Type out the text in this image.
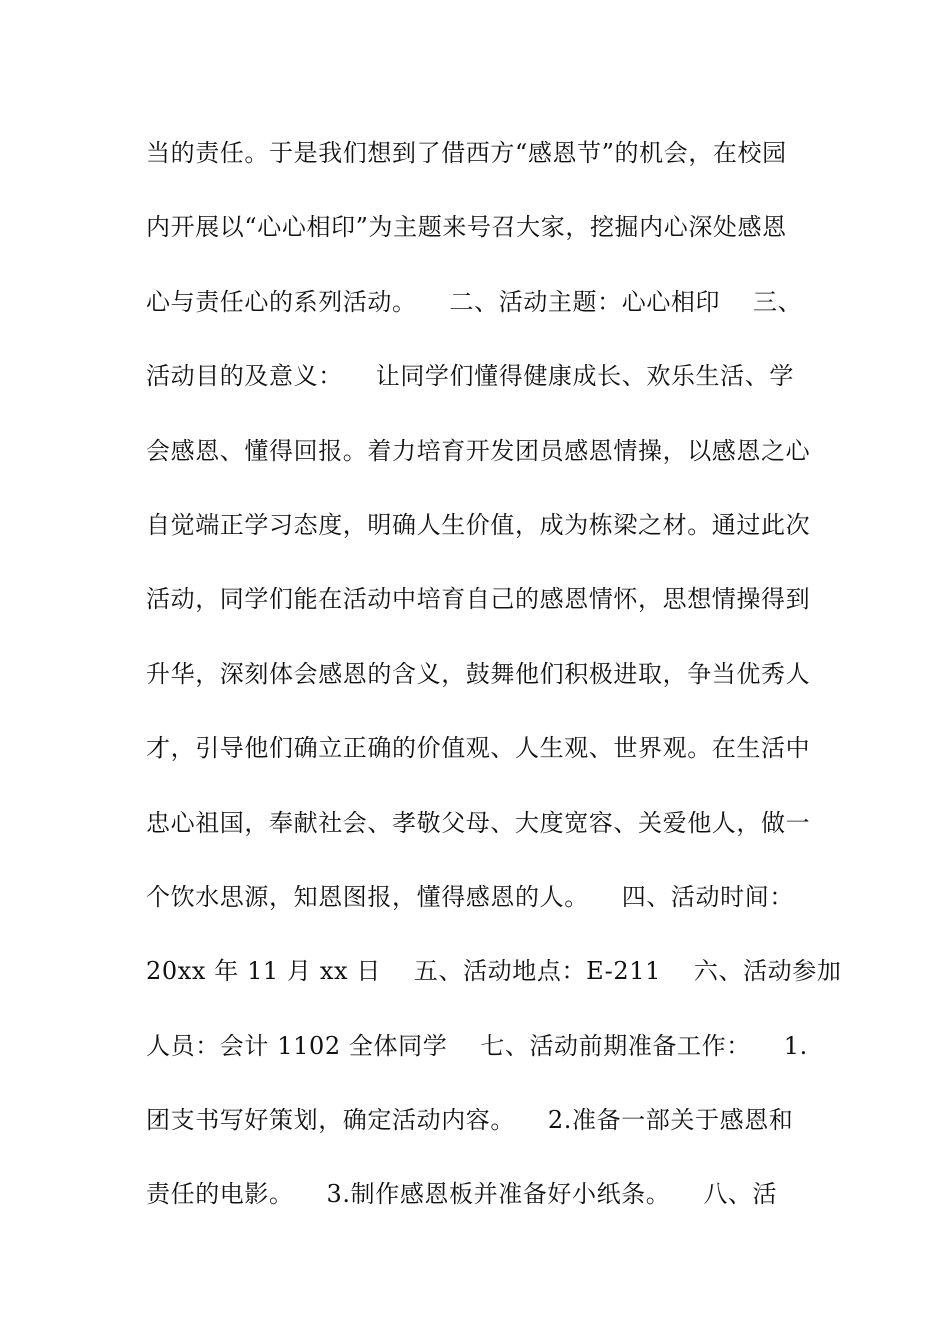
当的责任。于是我们想到了借西方“感恩节”的机会，在校园
内开展以“心心相印”为主题来号召大家，挖掘内心深处感恩
心与责任心的系列活动。    二、活动主题：心心相印    三、
活动目的及意义：    让同学们懂得健康成长、欢乐生活、学
会感恩、懂得回报。着力培育开发团员感恩情操，以感恩之心
自觉端正学习态度，明确人生价值，成为栋梁之材。通过此次
活动，同学们能在活动中培育自己的感恩情怀，思想情操得到
升华，深刻体会感恩的含义，鼓舞他们积极进取，争当优秀人
才，引导他们确立正确的价值观、人生观、世界观。在生活中
忠心祖国，奉献社会、孝敬父母、大度宽容、关爱他人，做一
个饮水思源，知恩图报，懂得感恩的人。    四、活动时间：
20xx 年 11 月 xx 日    五、活动地点：E-211    六、活动参加
人员：会计 1102 全体同学    七、活动前期准备工作：    1.
团支书写好策划，确定活动内容。    2.准备一部关于感恩和
责任的电影。    3.制作感恩板并准备好小纸条。    八、活
